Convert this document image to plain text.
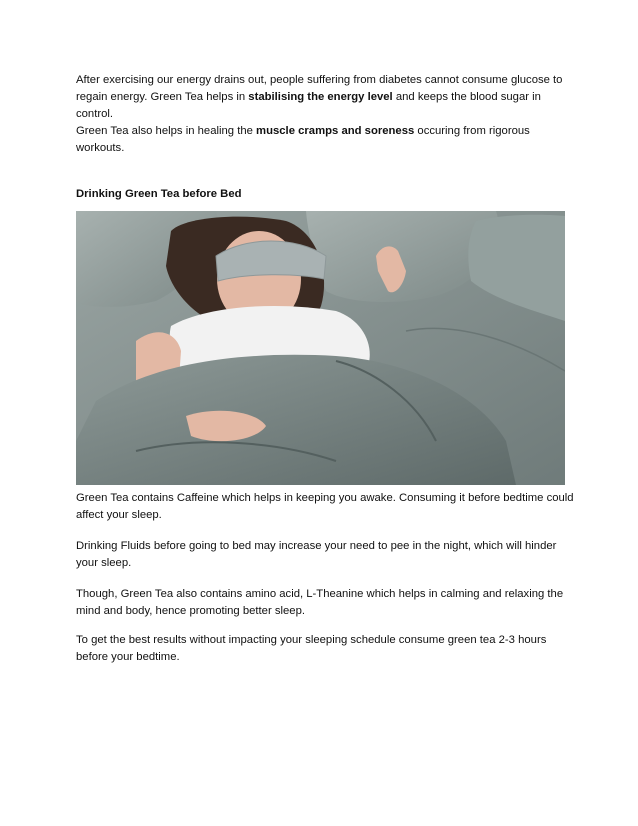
After exercising our energy drains out, people suffering from diabetes cannot consume glucose to regain energy. Green Tea helps in stabilising the energy level and keeps the blood sugar in control.

Green Tea also helps in healing the muscle cramps and soreness occuring from rigorous workouts.

Drinking Green Tea before Bed
Green Tea contains Caffeine which helps in keeping you awake. Consuming it before bedtime could affect your sleep.
Drinking Fluids before going to bed may increase your need to pee in the night, which will hinder your sleep.
Though, Green Tea also contains amino acid, L-Theanine which helps in calming and relaxing the mind and body, hence promoting better sleep.
To get the best results without impacting your sleeping schedule consume green tea 2-3 hours before your bedtime.
